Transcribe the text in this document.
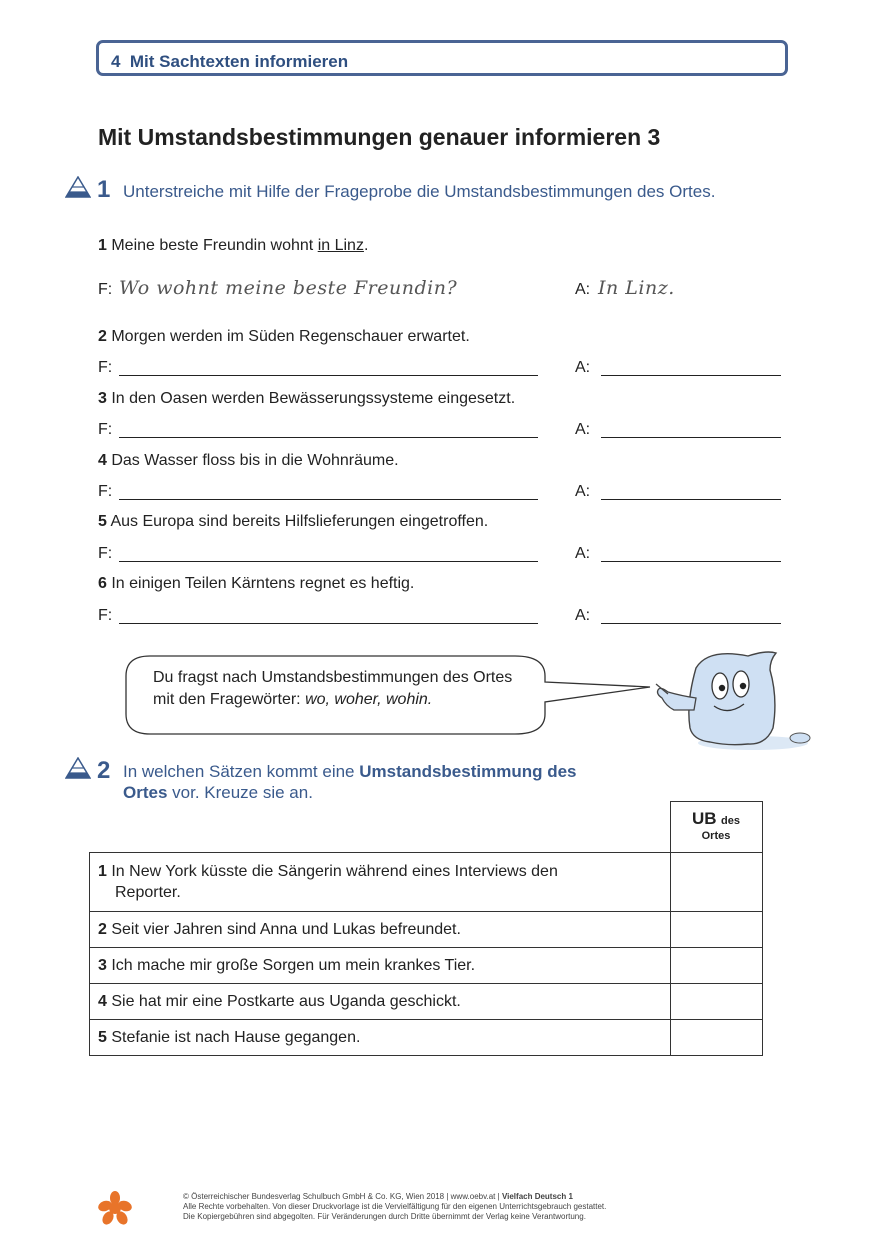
4  Mit Sachtexten informieren
Mit Umstandsbestimmungen genauer informieren 3
1 Unterstreiche mit Hilfe der Frageprobe die Umstandsbestimmungen des Ortes.
1 Meine beste Freundin wohnt in Linz.
F: Wo wohnt meine beste Freundin?	A: In Linz.
2 Morgen werden im Süden Regenschauer erwartet.
F:	A:
3 In den Oasen werden Bewässerungssysteme eingesetzt.
F:	A:
4 Das Wasser floss bis in die Wohnräume.
F:	A:
5 Aus Europa sind bereits Hilfslieferungen eingetroffen.
F:	A:
6 In einigen Teilen Kärntens regnet es heftig.
F:	A:
Du fragst nach Umstandsbestimmungen des Ortes mit den Fragewörter: wo, woher, wohin.
2 In welchen Sätzen kommt eine Umstandsbestimmung des Ortes vor. Kreuze sie an.
	UB des
Ortes
1 In New York küsste die Sängerin während eines Interviews den
Reporter.	
2 Seit vier Jahren sind Anna und Lukas befreundet.	
3 Ich mache mir große Sorgen um mein krankes Tier.	
4 Sie hat mir eine Postkarte aus Uganda geschickt.	
5 Stefanie ist nach Hause gegangen.	
© Österreichischer Bundesverlag Schulbuch GmbH & Co. KG, Wien 2018 | www.oebv.at | Vielfach Deutsch 1
Alle Rechte vorbehalten. Von dieser Druckvorlage ist die Vervielfältigung für den eigenen Unterrichtsgebrauch gestattet.
Die Kopiergebühren sind abgegolten. Für Veränderungen durch Dritte übernimmt der Verlag keine Verantwortung.
